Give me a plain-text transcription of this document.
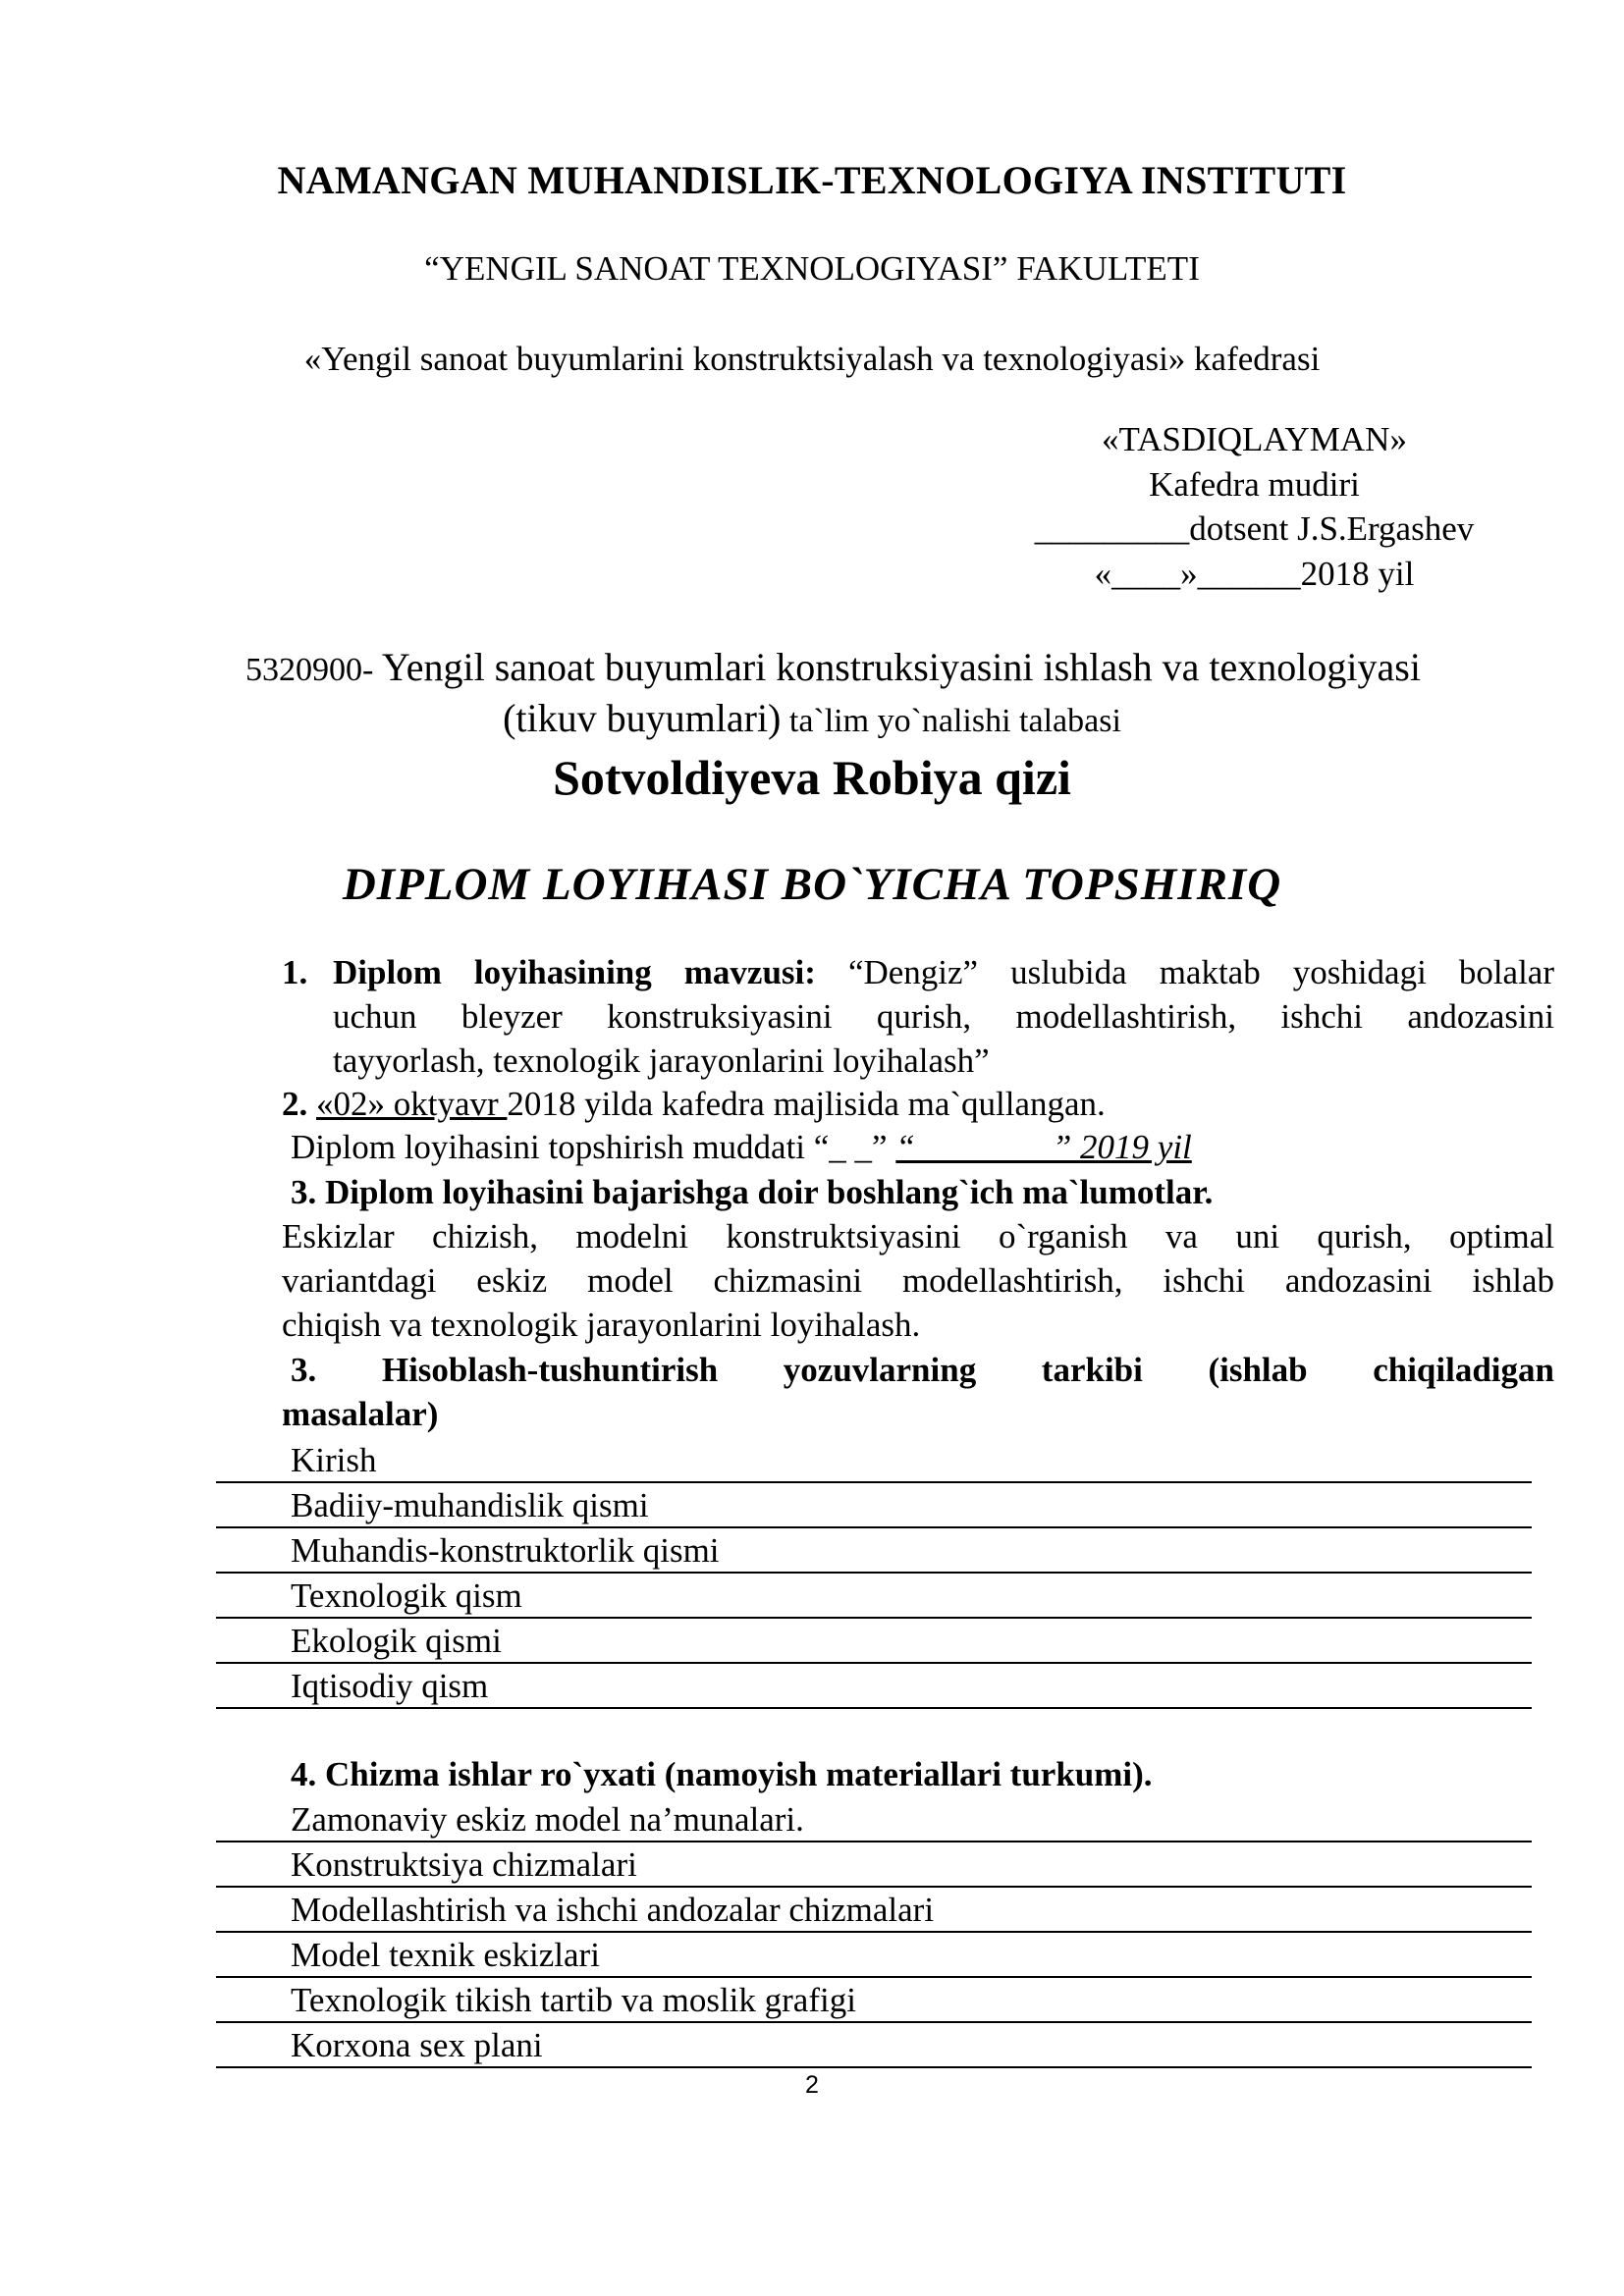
NAMANGAN MUHANDISLIK-TEXNOLOGIYA INSTITUTI
“YENGIL SANOAT TEXNOLOGIYASI” FAKULTETI
«Yengil sanoat buyumlarini konstruktsiyalash va texnologiyasi» kafedrasi
«TASDIQLAYMAN»
Kafedra mudiri
_________dotsent J.S.Ergashev
«____»______2018 yil
5320900- Yengil sanoat buyumlari konstruksiyasini ishlash va texnologiyasi
(tikuv buyumlari) ta`lim yo`nalishi talabasi
Sotvoldiyeva Robiya qizi
DIPLOM LOYIHASI BO`YICHA TOPSHIRIQ
1. Diplom loyihasining mavzusi: “Dengiz” uslubida maktab yoshidagi bolalar
uchun bleyzer konstruksiyasini qurish, modellashtirish, ishchi andozasini
tayyorlash, texnologik jarayonlarini loyihalash”
2. «02» oktyavr 2018 yilda kafedra majlisida ma`qullangan.
Diplom loyihasini topshirish muddati “_ _” “________” 2019 yil
3. Diplom loyihasini bajarishga doir boshlang`ich ma`lumotlar.
Eskizlar chizish, modelni konstruktsiyasini o`rganish va uni qurish, optimal
variantdagi eskiz model chizmasini modellashtirish, ishchi andozasini ishlab
chiqish va texnologik jarayonlarini loyihalash.
3. Hisoblash-tushuntirish yozuvlarning tarkibi (ishlab chiqiladigan
masalalar)
Kirish
Badiiy-muhandislik qismi
Muhandis-konstruktorlik qismi
Texnologik qism
Ekologik qismi
Iqtisodiy qism
4. Chizma ishlar ro`yxati (namoyish materiallari turkumi).
Zamonaviy eskiz model na’munalari.
Konstruktsiya chizmalari
Modellashtirish va ishchi andozalar chizmalari
Model texnik eskizlari
Texnologik tikish tartib va moslik grafigi
Korxona sex plani
2
